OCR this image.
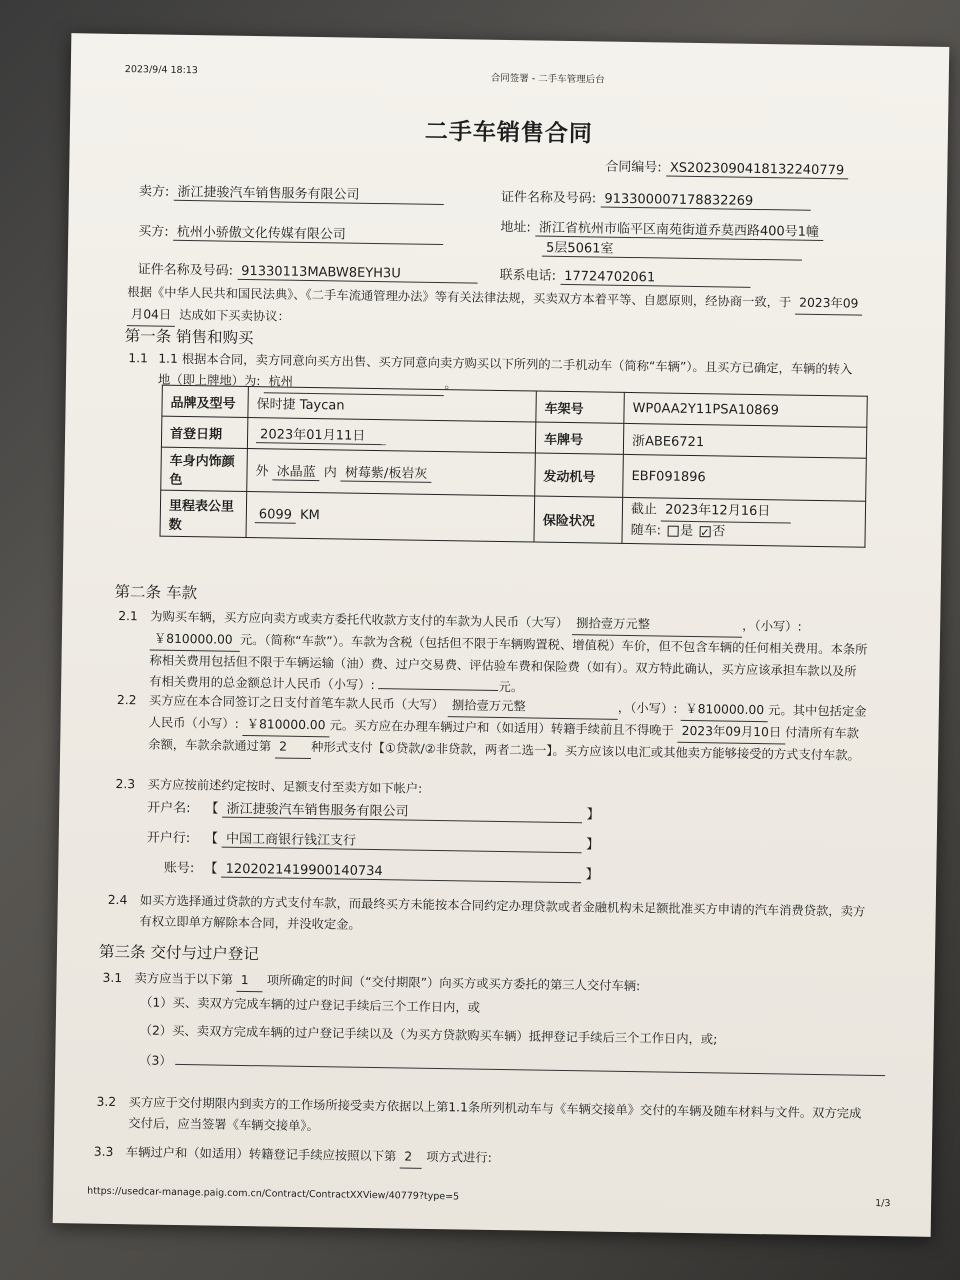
2023/9/4 18:13
合同签署 - 二手车管理后台
二手车销售合同
合同编号: XS2023090418132240779
卖方: 浙江捷骏汽车销售服务有限公司	证件名称及号码: 913300007178832269
买方: 杭州小骄傲文化传媒有限公司	地址: 浙江省杭州市临平区南苑街道乔莫西路400号1幢
5层5061室
证件名称及号码: 91330113MABW8EYH3U	联系电话: 17724702061
根据《中华人民共和国民法典》、《二手车流通管理办法》等有关法律法规，买卖双方本着平等、自愿原则，经协商一致，于 2023年09
月04日 达成如下买卖协议：
第一条 销售和购买
1.1 1.1 根据本合同，卖方同意向买方出售、买方同意向卖方购买以下所列的二手机动车（简称“车辆”）。且买方已确定，车辆的转入
地（即上牌地）为: 杭州	。
品牌及型号	保时捷 Taycan	车架号	WP0AA2Y11PSA10869
首登日期	2023年01月11日	车牌号	浙ABE6721
车身内饰颜色	外 冰晶蓝 内 树莓紫/板岩灰	发动机号	EBF091896
里程表公里数	6099 KM	保险状况	截止 2023年12月16日
随车: 是 ✓ 否
第二条 车款
2.1 为购买车辆，买方应向卖方或卖方委托代收款方支付的车款为人民币（大写） 捌拾壹万元整	，（小写）: ￥810000.00 元。（简称“车款”）。车款为含税（包括但不限于车辆购置税、增值税）车价，但不包含车辆的任何相关费用。本条所称相关费用包括但不限于车辆运输（油）费、过户交易费、评估验车费和保险费（如有）。双方特此确认，买方应该承担车款以及所有相关费用的总金额总计人民币（小写）:	元。
2.2 买方应在本合同签订之日支付首笔车款人民币（大写） 捌拾壹万元整	，（小写）: ￥810000.00 元。其中包括定金人民币（小写）: ￥810000.00 元。买方应在办理车辆过户和（如适用）转籍手续前且不得晚于 2023年09月10日 付清所有车款余额，车款余款通过第 2 种形式支付【①贷款/②非贷款，两者二选一】。买方应该以电汇或其他卖方能够接受的方式支付车款。
2.3 买方应按前述约定按时、足额支付至卖方如下帐户:
开户名: 【 浙江捷骏汽车销售服务有限公司	】
开户行: 【 中国工商银行钱江支行	】
账号: 【 1202021419900140734	】
2.4 如买方选择通过贷款的方式支付车款，而最终买方未能按本合同约定办理贷款或者金融机构未足额批准买方申请的汽车消费贷款，卖方有权立即单方解除本合同，并没收定金。
第三条 交付与过户登记
3.1 卖方应当于以下第 1 项所确定的时间（“交付期限”）向买方或买方委托的第三人交付车辆:
（1）买、卖双方完成车辆的过户登记手续后三个工作日内，或
（2）买、卖双方完成车辆的过户登记手续以及（为买方贷款购买车辆）抵押登记手续后三个工作日内，或;
（3）
3.2 买方应于交付期限内到卖方的工作场所接受卖方依据以上第1.1条所列机动车与《车辆交接单》交付的车辆及随车材料与文件。双方完成交付后，应当签署《车辆交接单》。
3.3 车辆过户和（如适用）转籍登记手续应按照以下第 2 项方式进行:
https://usedcar-manage.paig.com.cn/Contract/ContractXXView/40779?type=5
1/3
